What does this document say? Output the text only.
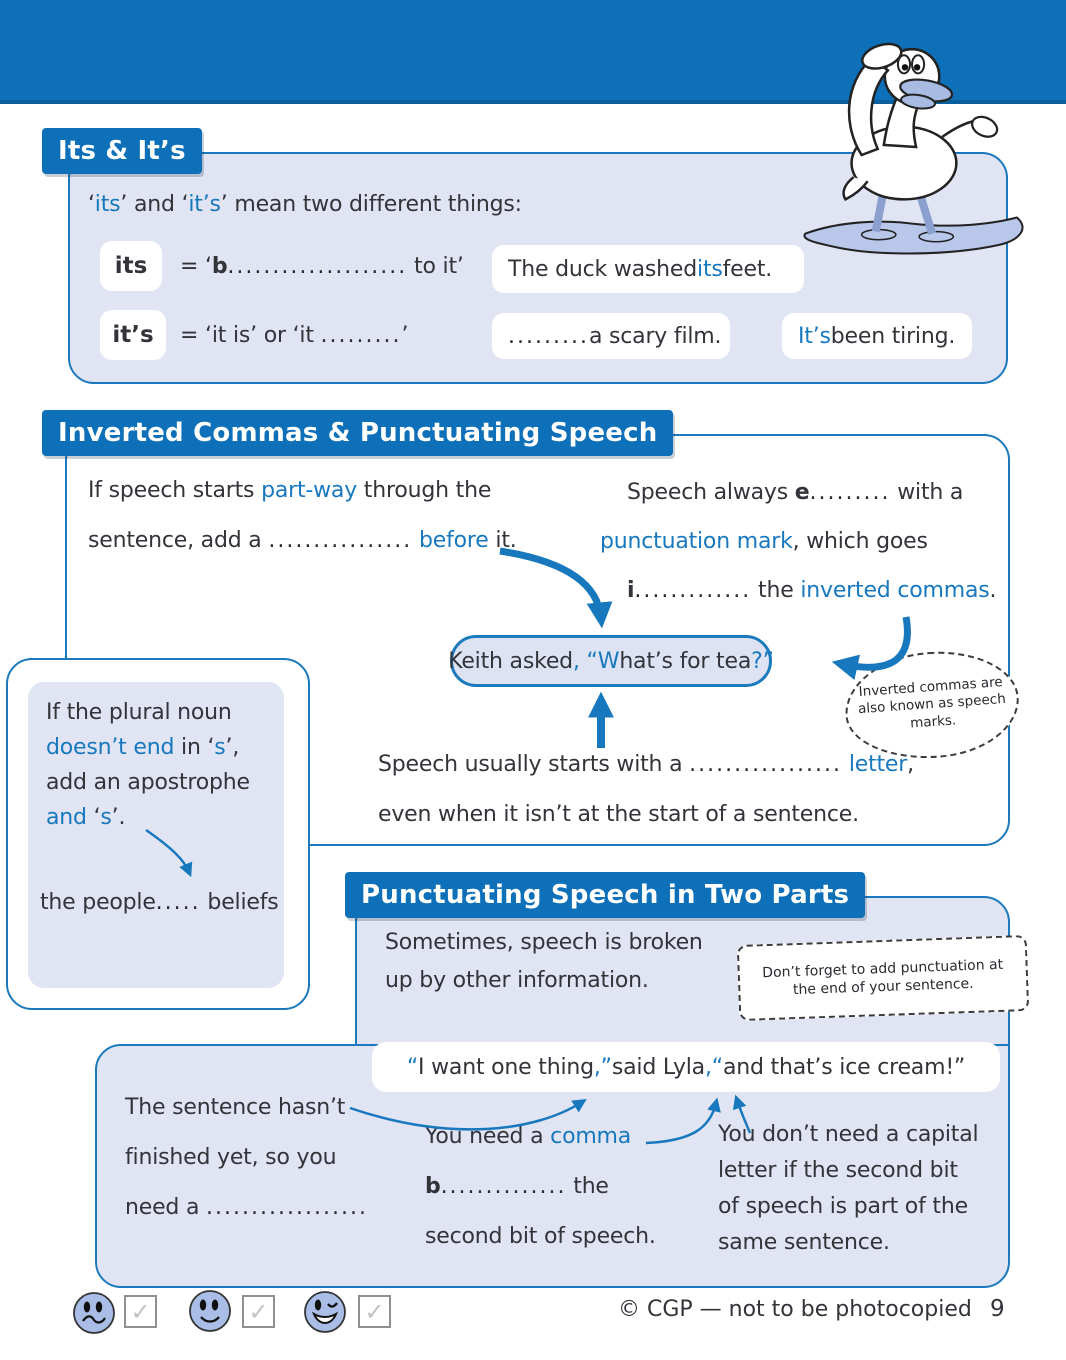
Its & It’s
‘its’ and ‘it’s’ mean two different things:
its	= ‘b.................... to it’ The duck washed its feet.
it’s	= ‘it is’ or ‘it .........’	......... a scary film.	It’s been tiring.
Inverted Commas & Punctuating Speech
If speech starts part-way through the
sentence, add a ................ before it.
Speech always e......... with a
punctuation mark, which goes
i............. the inverted commas.
Keith asked , “ W hat’s for tea ?”
Inverted commas are also known as speech marks.
Speech usually starts with a ................. letter,
even when it isn’t at the start of a sentence.
If the plural noun
doesn’t end in ‘s’,
add an apostrophe
and ‘s’.
the people..... beliefs	Punctuating Speech in Two Parts
Sometimes, speech is broken
up by other information.	Don’t forget to add punctuation at the end of your sentence.
“ I want one thing ,” said Lyla , “ and that’s ice cream!”
The sentence hasn’t
finished yet, so you
need a ..................
You need a comma
b.............. the
second bit of speech.
You don’t need a capital
letter if the second bit
of speech is part of the
same sentence.
✓	✓	✓	© CGP — not to be photocopied 9
